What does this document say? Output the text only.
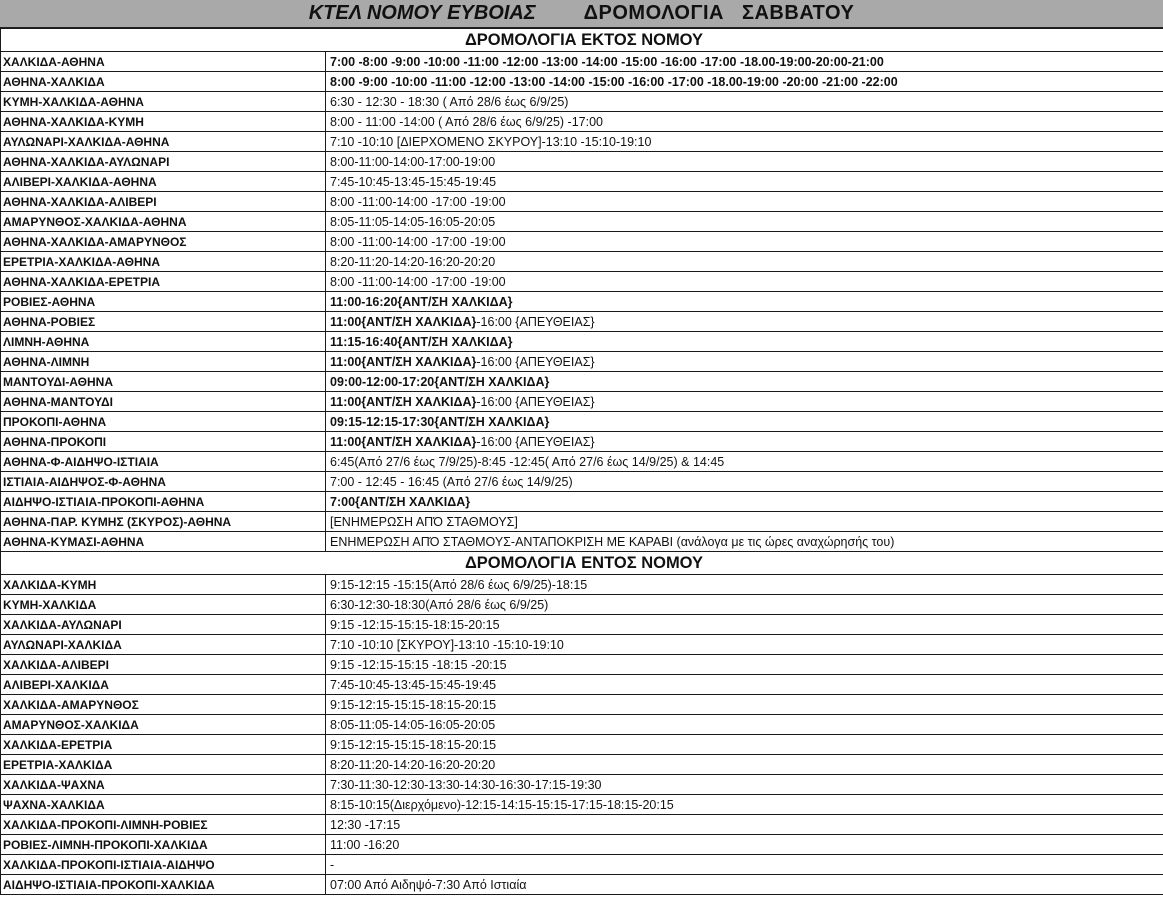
ΚΤΕΛ ΝΟΜΟΥ ΕΥΒΟΙΑΣ ΔΡΟΜΟΛΟΓΙΑ ΣΑΒΒΑΤΟΥ
ΔΡΟΜΟΛΟΓΙΑ ΕΚΤΟΣ ΝΟΜΟΥ	
ΧΑΛΚΙΔΑ-ΑΘΗΝΑ	7:00 -8:00 -9:00 -10:00 -11:00 -12:00 -13:00 -14:00 -15:00 -16:00 -17:00 -18.00-19:00-20:00-21:00
ΑΘΗΝΑ-ΧΑΛΚΙΔΑ	8:00 -9:00 -10:00 -11:00 -12:00 -13:00 -14:00 -15:00 -16:00 -17:00 -18.00-19:00 -20:00 -21:00 -22:00
ΚΥΜΗ-ΧΑΛΚΙΔΑ-ΑΘΗΝΑ	6:30 - 12:30 - 18:30 ( Από 28/6 έως 6/9/25)
ΑΘΗΝΑ-ΧΑΛΚΙΔΑ-ΚΥΜΗ	8:00 - 11:00 -14:00 ( Από 28/6 έως 6/9/25) -17:00
ΑΥΛΩΝΑΡΙ-ΧΑΛΚΙΔΑ-ΑΘΗΝΑ	7:10 -10:10 [ΔΙΕΡΧΟΜΕΝΟ ΣΚΥΡΟΥ]-13:10 -15:10-19:10
ΑΘΗΝΑ-ΧΑΛΚΙΔΑ-ΑΥΛΩΝΑΡΙ	8:00-11:00-14:00-17:00-19:00
ΑΛΙΒΕΡΙ-ΧΑΛΚΙΔΑ-ΑΘΗΝΑ	7:45-10:45-13:45-15:45-19:45
ΑΘΗΝΑ-ΧΑΛΚΙΔΑ-ΑΛΙΒΕΡΙ	8:00 -11:00-14:00 -17:00 -19:00
ΑΜΑΡΥΝΘΟΣ-ΧΑΛΚΙΔΑ-ΑΘΗΝΑ	8:05-11:05-14:05-16:05-20:05
ΑΘΗΝΑ-ΧΑΛΚΙΔΑ-ΑΜΑΡΥΝΘΟΣ	8:00 -11:00-14:00 -17:00 -19:00
ΕΡΕΤΡΙΑ-ΧΑΛΚΙΔΑ-ΑΘΗΝΑ	8:20-11:20-14:20-16:20-20:20
ΑΘΗΝΑ-ΧΑΛΚΙΔΑ-ΕΡΕΤΡΙΑ	8:00 -11:00-14:00 -17:00 -19:00
ΡΟΒΙΕΣ-ΑΘΗΝΑ	11:00-16:20{ΑΝΤ/ΣΗ ΧΑΛΚΙΔΑ}
ΑΘΗΝΑ-ΡΟΒΙΕΣ	11:00{ΑΝΤ/ΣΗ ΧΑΛΚΙΔΑ}-16:00 {ΑΠΕΥΘΕΙΑΣ}
ΛΙΜΝΗ-ΑΘΗΝΑ	11:15-16:40{ΑΝΤ/ΣΗ ΧΑΛΚΙΔΑ}
ΑΘΗΝΑ-ΛΙΜΝΗ	11:00{ΑΝΤ/ΣΗ ΧΑΛΚΙΔΑ}-16:00 {ΑΠΕΥΘΕΙΑΣ}
ΜΑΝΤΟΥΔΙ-ΑΘΗΝΑ	09:00-12:00-17:20{ΑΝΤ/ΣΗ ΧΑΛΚΙΔΑ}
ΑΘΗΝΑ-ΜΑΝΤΟΥΔΙ	11:00{ΑΝΤ/ΣΗ ΧΑΛΚΙΔΑ}-16:00 {ΑΠΕΥΘΕΙΑΣ}
ΠΡΟΚΟΠΙ-ΑΘΗΝΑ	09:15-12:15-17:30{ΑΝΤ/ΣΗ ΧΑΛΚΙΔΑ}
ΑΘΗΝΑ-ΠΡΟΚΟΠΙ	11:00{ΑΝΤ/ΣΗ ΧΑΛΚΙΔΑ}-16:00 {ΑΠΕΥΘΕΙΑΣ}
ΑΘΗΝΑ-Φ-ΑΙΔΗΨΟ-ΙΣΤΙΑΙΑ	6:45(Από 27/6 έως 7/9/25)-8:45 -12:45( Από 27/6 έως 14/9/25) & 14:45
ΙΣΤΙΑΙΑ-ΑΙΔΗΨΟΣ-Φ-ΑΘΗΝΑ	7:00 - 12:45 - 16:45 (Από 27/6 έως 14/9/25)
ΑΙΔΗΨΟ-ΙΣΤΙΑΙΑ-ΠΡΟΚΟΠΙ-ΑΘΗΝΑ	7:00{ΑΝΤ/ΣΗ ΧΑΛΚΙΔΑ}
ΑΘΗΝΑ-ΠΑΡ. ΚΥΜΗΣ (ΣΚΥΡΟΣ)-ΑΘΗΝΑ	[ΕΝΗΜΕΡΩΣΗ ΑΠΌ ΣΤΑΘΜΟΥΣ]
ΑΘΗΝΑ-ΚΥΜΑΣΙ-ΑΘΗΝΑ	ΕΝΗΜΕΡΩΣΗ ΑΠΌ ΣΤΑΘΜΟΥΣ-ΑΝΤΑΠΟΚΡΙΣΗ ΜΕ ΚΑΡΑΒΙ (ανάλογα με τις ώρες αναχώρησής του)
ΔΡΟΜΟΛΟΓΙΑ ΕΝΤΟΣ ΝΟΜΟΥ	
ΧΑΛΚΙΔΑ-ΚΥΜΗ	9:15-12:15 -15:15(Από 28/6 έως 6/9/25)-18:15
ΚΥΜΗ-ΧΑΛΚΙΔΑ	6:30-12:30-18:30(Από 28/6 έως 6/9/25)
ΧΑΛΚΙΔΑ-ΑΥΛΩΝΑΡΙ	9:15 -12:15-15:15-18:15-20:15
ΑΥΛΩΝΑΡΙ-ΧΑΛΚΙΔΑ	7:10 -10:10 [ΣΚΥΡΟΥ]-13:10 -15:10-19:10
ΧΑΛΚΙΔΑ-ΑΛΙΒΕΡΙ	9:15 -12:15-15:15 -18:15 -20:15
ΑΛΙΒΕΡΙ-ΧΑΛΚΙΔΑ	7:45-10:45-13:45-15:45-19:45
ΧΑΛΚΙΔΑ-ΑΜΑΡΥΝΘΟΣ	9:15-12:15-15:15-18:15-20:15
ΑΜΑΡΥΝΘΟΣ-ΧΑΛΚΙΔΑ	8:05-11:05-14:05-16:05-20:05
ΧΑΛΚΙΔΑ-ΕΡΕΤΡΙΑ	9:15-12:15-15:15-18:15-20:15
ΕΡΕΤΡΙΑ-ΧΑΛΚΙΔΑ	8:20-11:20-14:20-16:20-20:20
ΧΑΛΚΙΔΑ-ΨΑΧΝΑ	7:30-11:30-12:30-13:30-14:30-16:30-17:15-19:30
ΨΑΧΝΑ-ΧΑΛΚΙΔΑ	8:15-10:15(Διερχόμενο)-12:15-14:15-15:15-17:15-18:15-20:15
ΧΑΛΚΙΔΑ-ΠΡΟΚΟΠΙ-ΛΙΜΝΗ-ΡΟΒΙΕΣ	12:30 -17:15
ΡΟΒΙΕΣ-ΛΙΜΝΗ-ΠΡΟΚΟΠΙ-ΧΑΛΚΙΔΑ	11:00 -16:20
ΧΑΛΚΙΔΑ-ΠΡΟΚΟΠΙ-ΙΣΤΙΑΙΑ-ΑΙΔΗΨΟ	-
ΑΙΔΗΨΟ-ΙΣΤΙΑΙΑ-ΠΡΟΚΟΠΙ-ΧΑΛΚΙΔΑ	07:00 Από Αιδηψό-7:30 Από Ιστιαία
